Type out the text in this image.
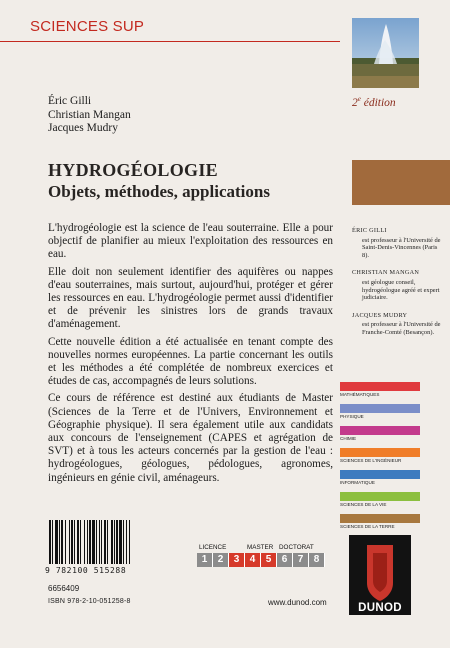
SCIENCES SUP
2e édition
Éric Gilli
Christian Mangan
Jacques Mudry
HYDROGÉOLOGIE
Objets, méthodes, applications

L'hydrogéologie est la science de l'eau souterraine. Elle a pour objectif de planifier au mieux l'exploitation des ressources en eau.

Elle doit non seulement identifier des aquifères ou nappes d'eau souterraines, mais surtout, aujourd'hui, protéger et gérer les ressources en eau. L'hydrogéologie permet aussi d'identifier et de prévenir les sinistres lors de grands travaux d'aménagement.

Cette nouvelle édition a été actualisée en tenant compte des nouvelles normes européennes. La partie concernant les outils et les méthodes a été complétée de nombreux exercices et études de cas, accompagnés de leurs solutions.

Ce cours de référence est destiné aux étudiants de Master (Sciences de la Terre et de l'Univers, Environnement et Géographie physique). Il sera également utile aux candidats aux concours de l'enseignement (CAPES et agrégation de SVT) et à tous les acteurs concernés par la gestion de l'eau : hydrogéologues, géologues, pédologues, agronomes, ingénieurs en génie civil, aménageurs.

ÉRIC GILLI
est professeur à l'Université de Saint-Denis-Vincennes (Paris 8).
CHRISTIAN MANGAN
est géologue conseil, hydrogéologue agréé et expert judiciaire.
JACQUES MUDRY
est professeur à l'Université de Franche-Comté (Besançon).
MATHÉMATIQUES
PHYSIQUE
CHIMIE
SCIENCES DE L'INGÉNIEUR
INFORMATIQUE
SCIENCES DE LA VIE
SCIENCES DE LA TERRE
9 782100 515288
6656409
ISBN 978-2-10-051258-8	www.dunod.com
LICENCE	MASTER DOCTORAT
1	2	3	4	5	6	7	8
DUNOD
